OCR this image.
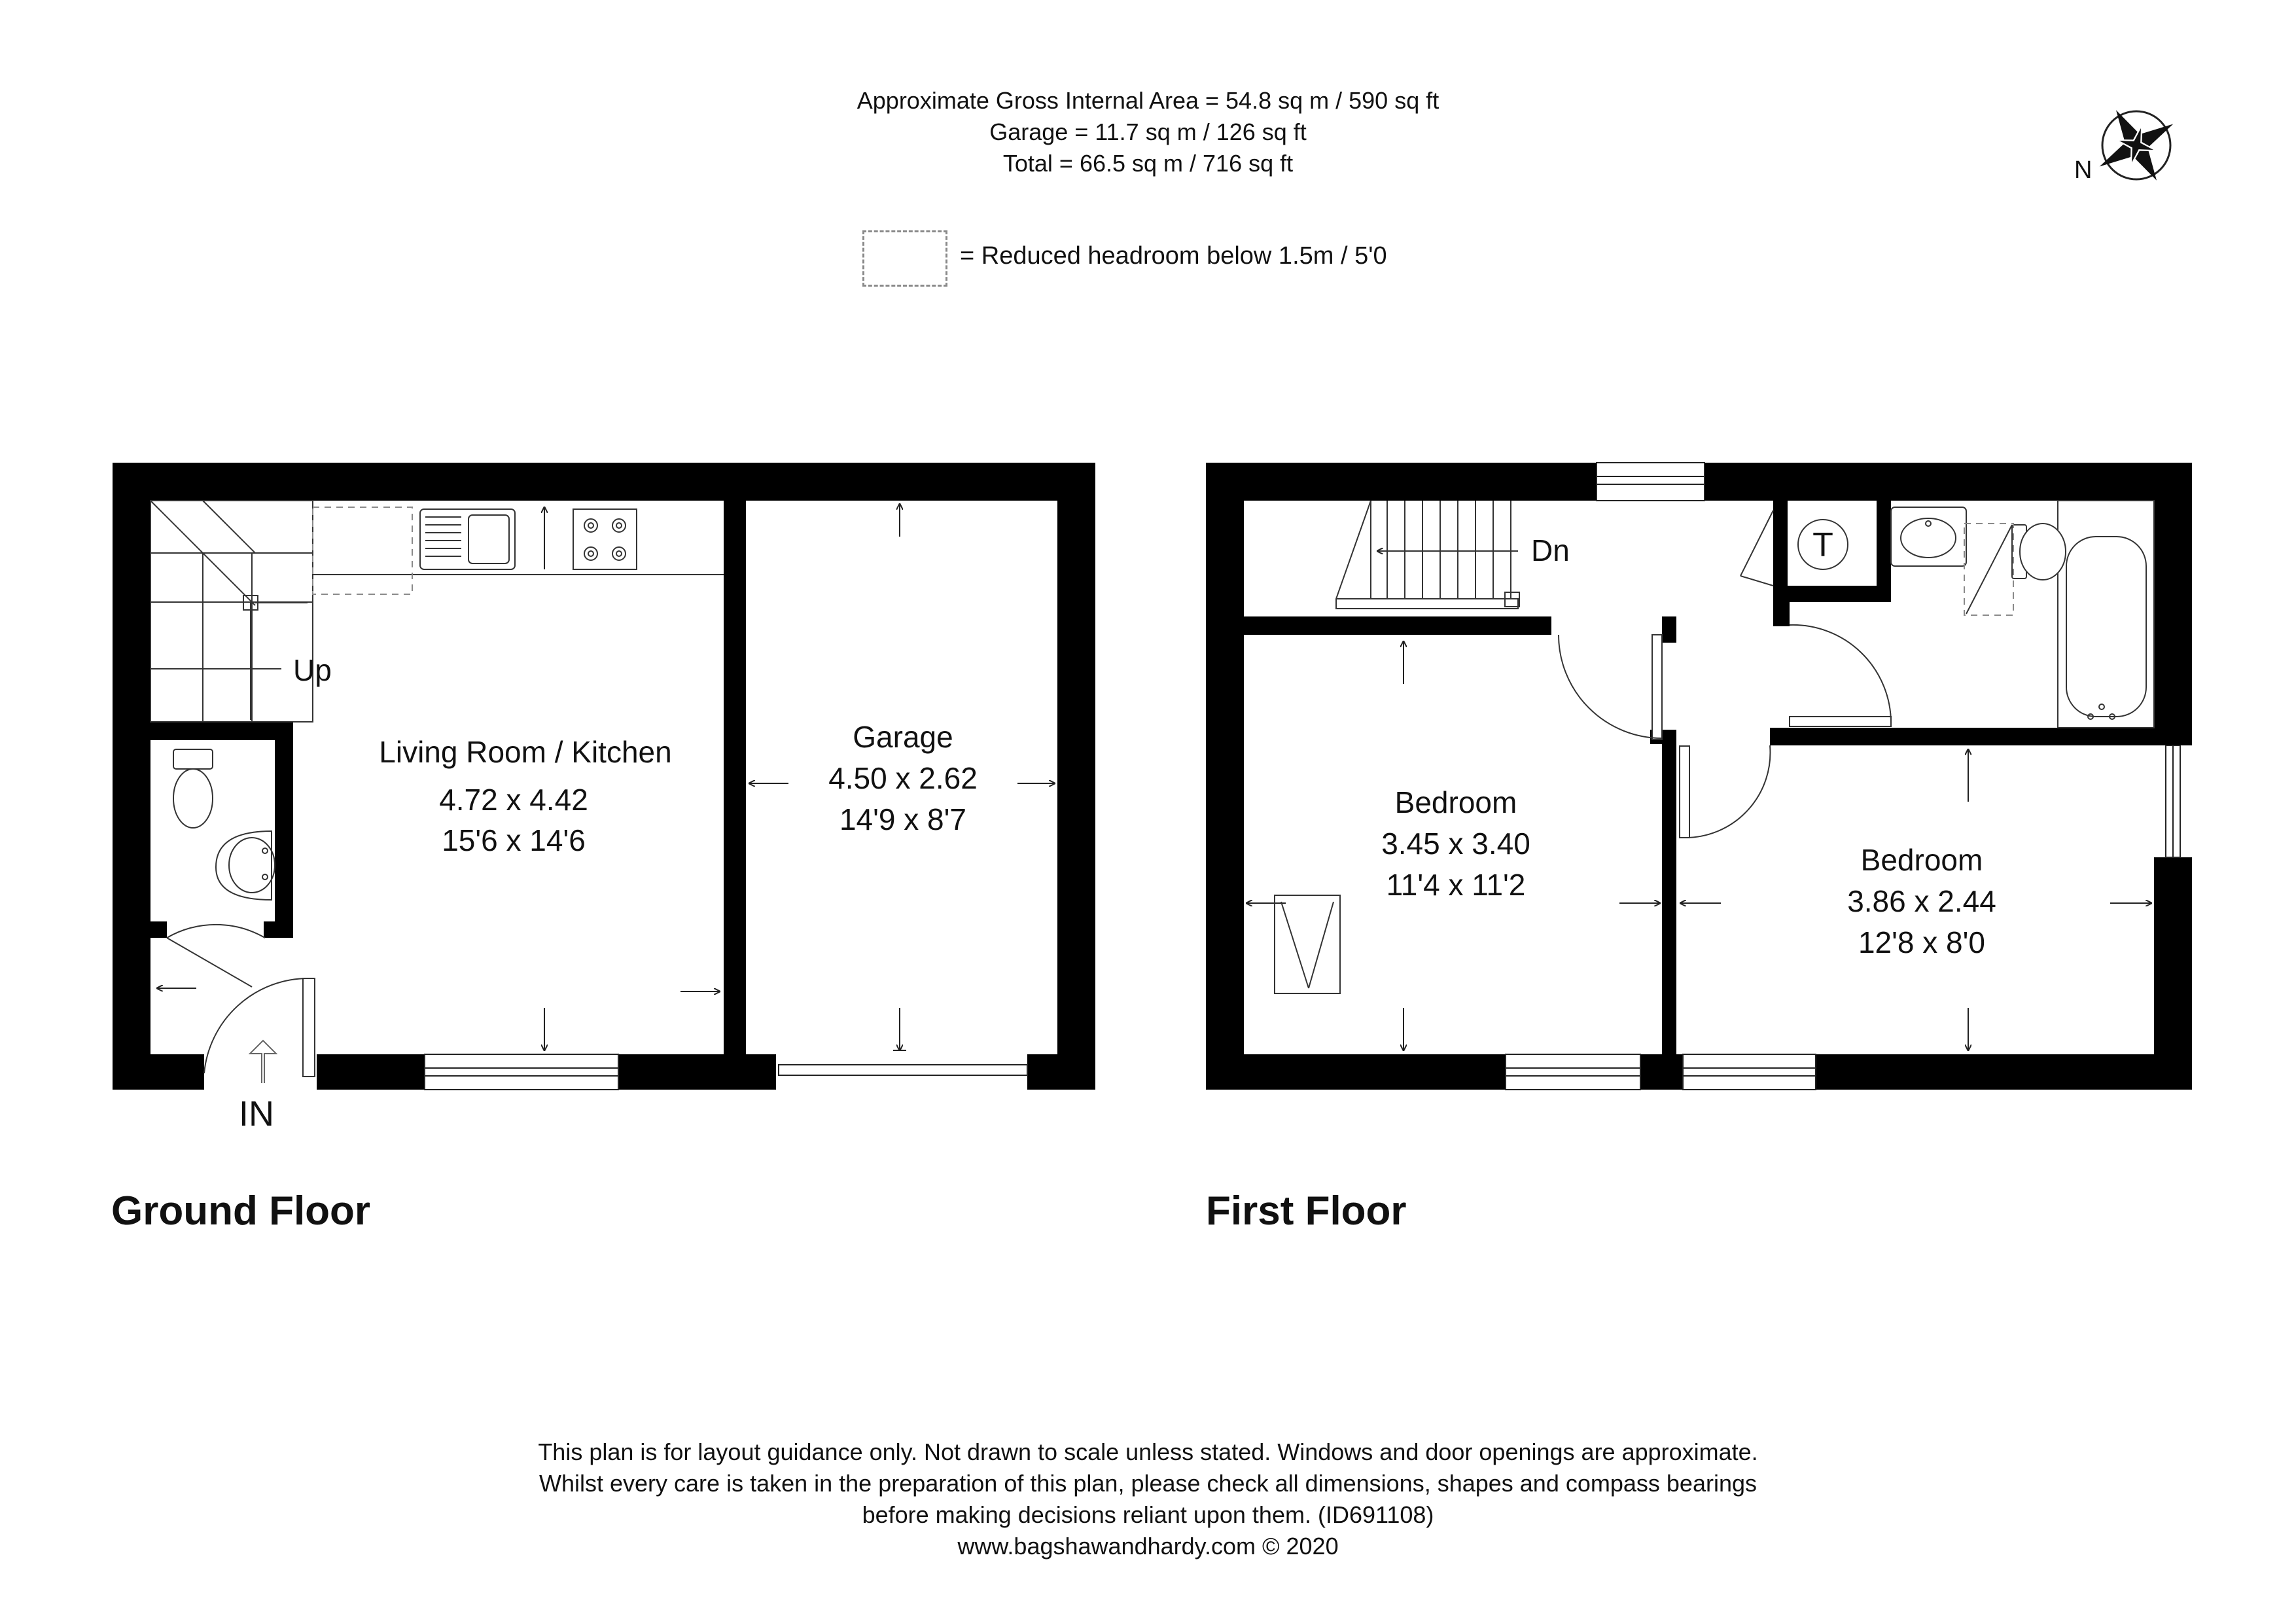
Approximate Gross Internal Area = 54.8 sq m / 590 sq ft
Garage = 11.7 sq m / 126 sq ft
Total = 66.5 sq m / 716 sq ft
= Reduced headroom below 1.5m / 5'0
Ground Floor	First Floor
This plan is for layout guidance only. Not drawn to scale unless stated. Windows and door openings are approximate.
Whilst every care is taken in the preparation of this plan, please check all dimensions, shapes and compass bearings
before making decisions reliant upon them. (ID691108)
www.bagshawandhardy.com © 2020
N
Up
IN
Living Room / Kitchen
4.72 x 4.42
15'6 x 14'6
Garage
4.50 x 2.62
14'9 x 8'7
Dn	T
Bedroom
3.45 x 3.40
11'4 x 11'2
Bedroom
3.86 x 2.44
12'8 x 8'0
